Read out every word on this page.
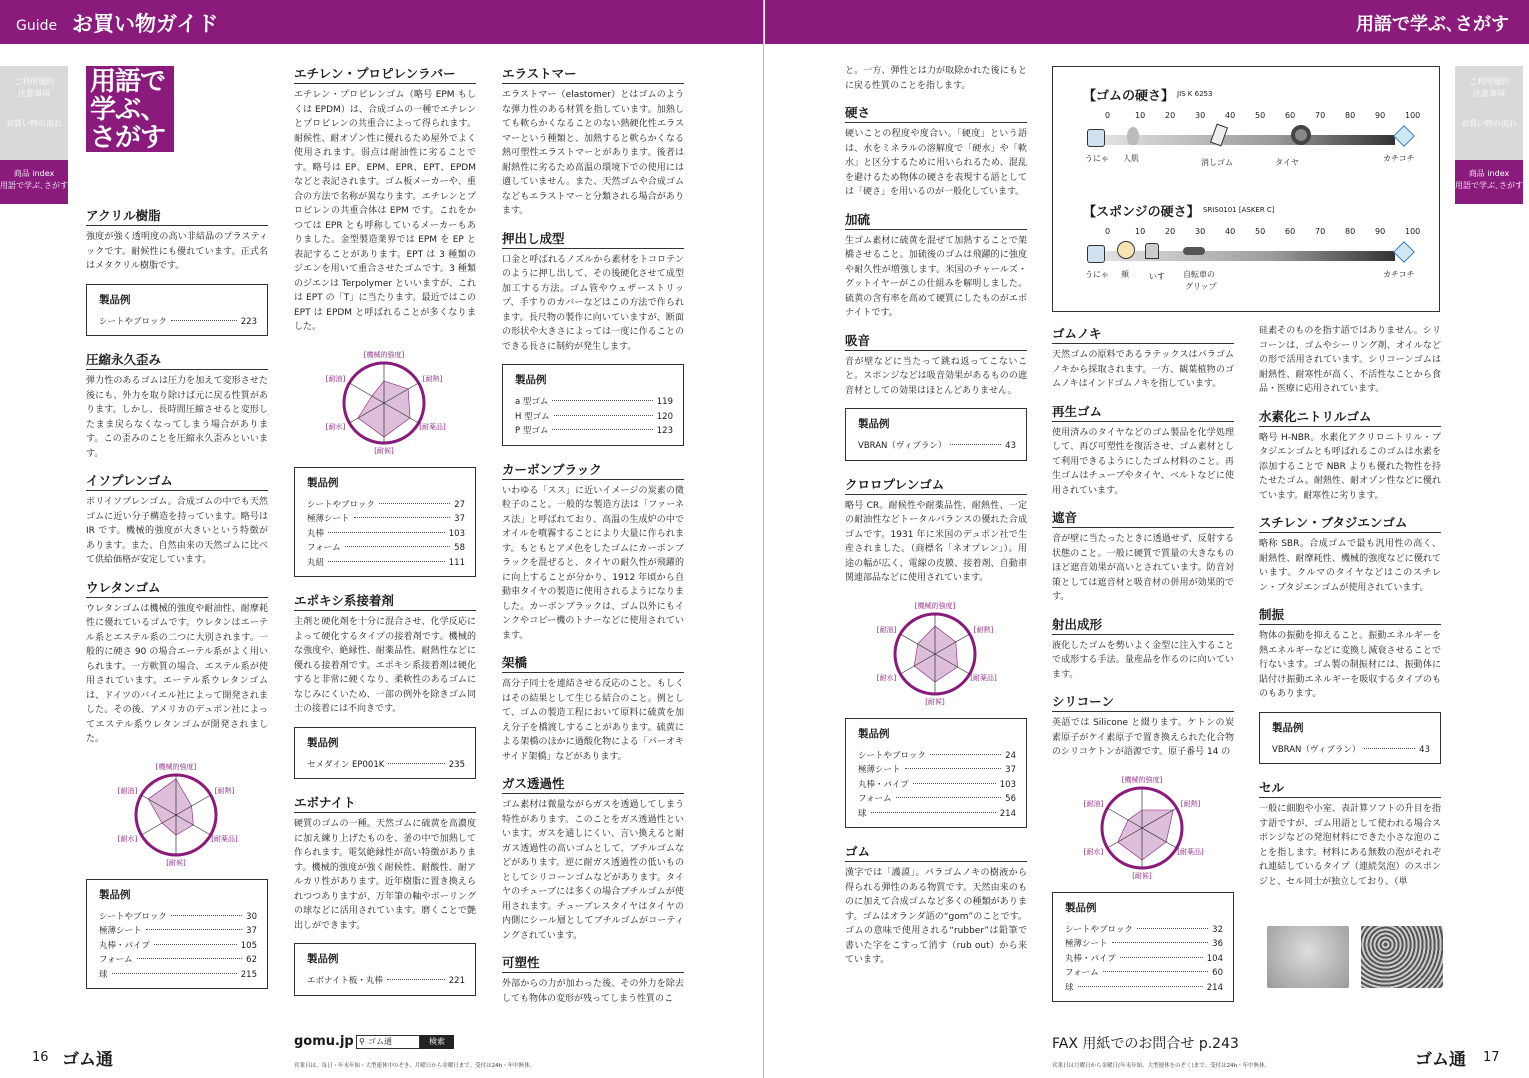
Guide お買い物ガイド
ご利用規約
注意事項
お買い物の流れ
商品 index
用語で学ぶ､さがす
用語で
学ぶ、
さがす
アクリル樹脂
強度が強く透明度の高い非結晶のプラスティックです。耐候性にも優れています。正式名はメタクリル樹脂です。
製品例
シートやブロック	223
圧縮永久歪み
弾力性のあるゴムは圧力を加えて変形させた後にも、外力を取り除けば元に戻る性質があります。しかし、長時間圧縮させると変形したまま戻らなくなってしまう場合があります。この歪みのことを圧縮永久歪みといいます。
イソプレンゴム
ポリイソプレンゴム。合成ゴムの中でも天然ゴムに近い分子構造を持っています。略号は IR です。機械的強度が大きいという特徴があります。また、自然由来の天然ゴムに比べて供給価格が安定しています。
ウレタンゴム
ウレタンゴムは機械的強度や耐油性、耐摩耗性に優れているゴムです。ウレタンはエーテル系とエステル系の二つに大別されます。一般的に硬さ 90 の場合エーテル系がよく用いられます。一方軟質の場合、エステル系が使用されています。エーテル系ウレタンゴムは、ドイツのバイエル社によって開発されました。その後、アメリカのデュポン社によってエステル系ウレタンゴムが開発されました。
[機械的強度]
[耐熱]
[耐薬品]
[耐候]
[耐水]
[耐油]
製品例
シートやブロック	30
極薄シート	37
丸棒・パイプ	105
フォーム	62
球	215
エチレン・プロピレンラバー
エチレン・プロピレンゴム（略号 EPM もしくは EPDM）は、合成ゴムの一種でエチレンとプロピレンの共重合によって得られます。耐候性、耐オゾン性に優れるため屋外でよく使用されます。弱点は耐油性に劣ることです。略号は EP、EPM、EPR、EPT、EPDM などと表記されます。ゴム板メーカーや、重合の方法で名称が異なります。エチレンとプロピレンの共重合体は EPM です。これをかつては EPR とも呼称しているメーカーもありました。金型製造業界では EPM を EP と表記することがあります。EPT は 3 種類のジエンを用いて重合させたゴムです。3 種類のジエンは Terpolymer といいますが、これは EPT の「T」に当たります。最近ではこの EPT は EPDM と呼ばれることが多くなりました。
[機械的強度]
[耐熱]
[耐薬品]
[耐候]
[耐水]
[耐油]
製品例
シートやブロック	27
極薄シート	37
丸棒	103
フォーム	58
丸紐	111
エポキシ系接着剤
主剤と硬化剤を十分に混合させ、化学反応によって硬化するタイプの接着剤です。機械的な強度や、絶縁性、耐薬品性、耐熱性などに優れる接着剤です。エポキシ系接着剤は硬化すると非常に硬くなり、柔軟性のあるゴムになじみにくいため、一部の例外を除きゴム同士の接着には不向きです。
製品例
セメダイン EP001K	235
エボナイト
硬質のゴムの一種。天然ゴムに硫黄を高濃度に加え練り上げたものを、釜の中で加熱して作られます。電気絶縁性が高い特徴があります。機械的強度が強く耐候性、耐酸性、耐アルカリ性があります。近年樹脂に置き換えられつつありますが、万年筆の軸やボーリングの球などに活用されています。磨くことで艶出しができます。
製品例
エボナイト板・丸棒	221
エラストマー
エラストマー（elastomer）とはゴムのような弾力性のある材質を指しています。加熱しても軟らかくなることのない熱硬化性エラスマーという種類と、加熱すると軟らかくなる熱可塑性エラストマーとがあります。後者は耐熱性に劣るため高温の環境下での使用には適していません。また、天然ゴムや合成ゴムなどもエラストマーと分類される場合があります。
押出し成型
口金と呼ばれるノズルから素材をトコロテンのように押し出して、その後硬化させて成型加工する方法。ゴム管やウェザーストリップ、手すりのカバーなどはこの方法で作られます。長尺物の製作に向いていますが、断面の形状や大きさによっては一度に作ることのできる長さに制約が発生します。
製品例
a 型ゴム	119
H 型ゴム	120
P 型ゴム	123
カーボンブラック
いわゆる「スス」に近いイメージの炭素の微粒子のこと。一般的な製造方法は「ファーネス法」と呼ばれており、高温の生成炉の中でオイルを噴霧することにより大量に作られます。もともとアメ色をしたゴムにカーボンブラックを混ぜると、タイヤの耐久性が飛躍的に向上することが分かり、1912 年頃から自動車タイヤの製造に使用されるようになりました。カーボンブラックは、ゴム以外にもインクやコピー機のトナーなどに使用されています。
架橋
高分子同士を連結させる反応のこと。もしくはその結果として生じる結合のこと。例として、ゴムの製造工程において原料に硫黄を加え分子を橋渡しすることがあります。硫黄による架橋のほかに過酸化物による「パーオキサイド架橋」などがあります。
ガス透過性
ゴム素材は微量ながらガスを透過してしまう特性があります。このことをガス透過性といいます。ガスを通しにくい、言い換えると耐ガス透過性の高いゴムとして、ブチルゴムなどがあります。逆に耐ガス透過性の低いものとしてシリコーンゴムなどがあります。タイヤのチューブには多くの場合ブチルゴムが使用されます。チューブレスタイヤはタイヤの内側にシール層としてブチルゴムがコーティングされています。
可塑性
外部からの力が加わった後、その外力を除去しても物体の変形が残ってしまう性質のこ
16 ゴム通
gomu.jp ⚲ ゴム通	検索
営業日は、毎日・年末年始・大型連休中のぞき、月曜日から金曜日まで。受付は24h・年中無休。
用語で学ぶ､さがす
ご利用規約
注意事項
お買い物の流れ
商品 index
用語で学ぶ､さがす
と。一方、弾性とは力が取除かれた後にもとに戻る性質のことを指します。
硬さ
硬いことの程度や度合い。「硬度」という語は、水をミネラルの溶解度で「硬水」や「軟水」と区分するために用いられるため、混乱を避けるため物体の硬さを表現する語としては「硬さ」を用いるのが一般化しています。
加硫
生ゴム素材に硫黄を混ぜて加熱することで架橋させること。加硫後のゴムは飛躍的に強度や耐久性が増強します。米国のチャールズ・グットイヤーがこの仕組みを解明しました。硫黄の含有率を高めて硬質にしたものがエボナイトです。
吸音
音が壁などに当たって跳ね返ってこないこと。スポンジなどは吸音効果があるものの遮音材としての効果はほとんどありません。
製品例
VBRAN（ヴィブラン）	43
クロロプレンゴム
略号 CR。耐候性や耐薬品性、耐熱性、一定の耐油性などトータルバランスの優れた合成ゴムです。1931 年に米国のデュポン社で生産されました。（商標名「ネオプレン」）。用途の幅が広く、電線の皮膜、接着剤、自動車関連部品などに使用されています。
[機械的強度]
[耐熱]
[耐薬品]
[耐候]
[耐水]
[耐油]
製品例
シートやブロック	24
極薄シート	37
丸棒・パイプ	103
フォーム	56
球	214
ゴム
漢字では「護謨」。パラゴムノキの樹液から得られる弾性のある物質です。天然由来のものに加えて合成ゴムなど多くの種類があります。ゴムはオランダ語の“gom”のことです。ゴムの意味で使用される“rubber”は鉛筆で書いた字をこすって消す（rub out）から来ています。
【ゴムの硬さ】 JIS K 6253
0	10 20 30 40 50 60 70 80 90 100
うにゃ 人肌	消しゴム	タイヤ	カチコチ
【スポンジの硬さ】 SRIS0101 [ASKER C]
0	10 20 30 40 50 60 70 80 90 100
うにゃ 頬	いす 自転車の
グリップ
カチコチ
ゴムノキ
天然ゴムの原料であるラテックスはパラゴムノキから採取されます。一方、観葉植物のゴムノキはインドゴムノキを指しています。
再生ゴム
使用済みのタイヤなどのゴム製品を化学処理して、再び可塑性を復活させ、ゴム素材として利用できるようにしたゴム材料のこと。再生ゴムはチューブやタイヤ、ベルトなどに使用されています。
遮音
音が壁に当たったときに透過せず、反射する状態のこと。一般に硬質で質量の大きなものほど遮音効果が高いとされています。防音対策としては遮音材と吸音材の併用が効果的です。
射出成形
液化したゴムを勢いよく金型に注入することで成形する手法。量産品を作るのに向いています。
シリコーン
英語では Silicone と綴ります。ケトンの炭素原子がケイ素原子で置き換えられた化合物のシリコケトンが語源です。原子番号 14 の
[機械的強度]
[耐熱]
[耐薬品]
[耐候]
[耐水]
[耐油]
製品例
シートやブロック	32
極薄シート	36
丸棒・パイプ	104
フォーム	60
球	214
硅素そのものを指す語ではありません。シリコーンは、ゴムやシーリング剤、オイルなどの形で活用されています。シリコーンゴムは耐熱性、耐寒性が高く、不活性なことから食品・医療に応用されています。
水素化ニトリルゴム
略号 H-NBR。水素化アクリロニトリル・ブタジエンゴムとも呼ばれるこのゴムは水素を添加することで NBR よりも優れた物性を持たせたゴム。耐熱性、耐オゾン性などに優れています。耐寒性に劣ります。
スチレン・ブタジエンゴム
略称 SBR。合成ゴムで最も汎用性の高く、耐熱性、耐摩耗性、機械的強度などに優れています。クルマのタイヤなどはこのスチレン・ブタジエンゴムが使用されています。
制振
物体の振動を抑えること。振動エネルギーを熱エネルギーなどに変換し減衰させることで行ないます。ゴム製の制振材には、振動体に貼付け振動エネルギーを吸収するタイプのものもあります。
製品例
VBRAN（ヴィブラン）	43
セル
一般に細胞や小室、表計算ソフトの升目を指す語ですが、ゴム用語として使われる場合スポンジなどの発泡材料にできた小さな泡のことを指します。材料にある無数の泡がそれぞれ連結しているタイプ（連続気泡）のスポンジと、セル同士が独立しており、（単
FAX 用紙でのお問合せ p.243
営業日は月曜日から金曜日(年末年始、大型連休をのぞく)まで。受付は24h・年中無休。	ゴム通 17
